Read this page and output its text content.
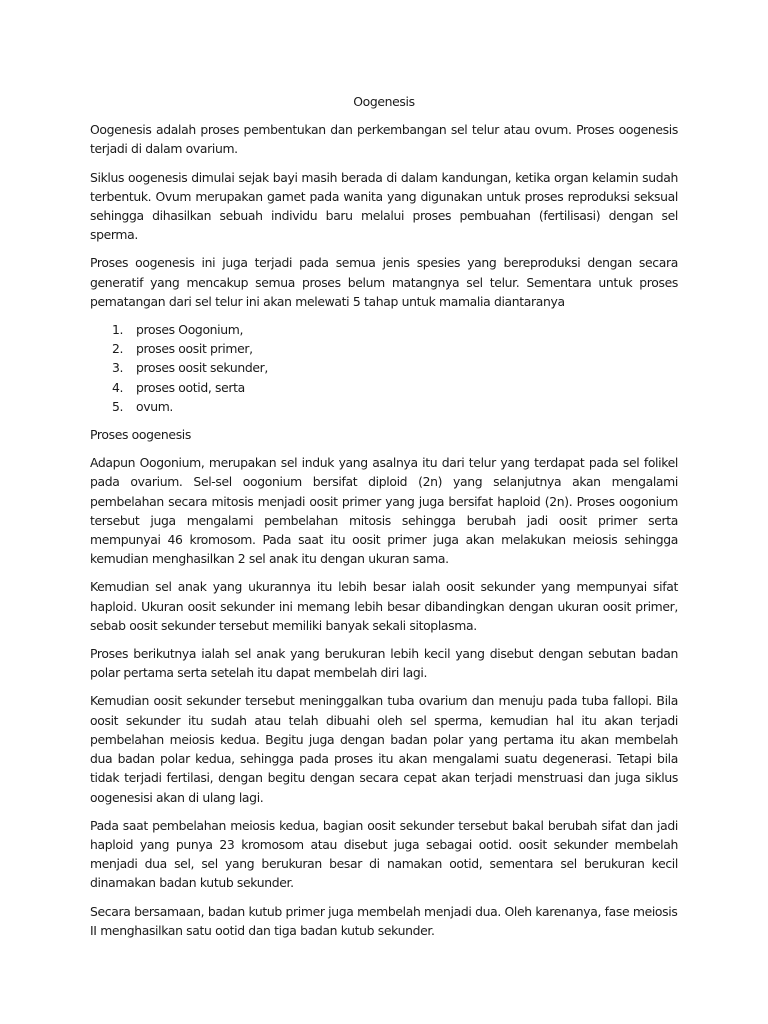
Oogenesis

Oogenesis adalah proses pembentukan dan perkembangan sel telur atau ovum. Proses oogenesis terjadi di dalam ovarium.

Siklus oogenesis dimulai sejak bayi masih berada di dalam kandungan, ketika organ kelamin sudah terbentuk. Ovum merupakan gamet pada wanita yang digunakan untuk proses reproduksi seksual sehingga dihasilkan sebuah individu baru melalui proses pembuahan (fertilisasi) dengan sel sperma.

Proses oogenesis ini juga terjadi pada semua jenis spesies yang bereproduksi dengan secara generatif yang mencakup semua proses belum matangnya sel telur. Sementara untuk proses pematangan dari sel telur ini akan melewati 5 tahap untuk mamalia diantaranya

1. proses Oogonium,
2. proses oosit primer,
3. proses oosit sekunder,
4. proses ootid, serta
5. ovum.

Proses oogenesis

Adapun Oogonium, merupakan sel induk yang asalnya itu dari telur yang terdapat pada sel folikel pada ovarium. Sel-sel oogonium bersifat diploid (2n) yang selanjutnya akan mengalami pembelahan secara mitosis menjadi oosit primer yang juga bersifat haploid (2n). Proses oogonium tersebut juga mengalami pembelahan mitosis sehingga berubah jadi oosit primer serta mempunyai 46 kromosom. Pada saat itu oosit primer juga akan melakukan meiosis sehingga kemudian menghasilkan 2 sel anak itu dengan ukuran sama.

Kemudian sel anak yang ukurannya itu lebih besar ialah oosit sekunder yang mempunyai sifat haploid. Ukuran oosit sekunder ini memang lebih besar dibandingkan dengan ukuran oosit primer, sebab oosit sekunder tersebut memiliki banyak sekali sitoplasma.

Proses berikutnya ialah sel anak yang berukuran lebih kecil yang disebut dengan sebutan badan polar pertama serta setelah itu dapat membelah diri lagi.

Kemudian oosit sekunder tersebut meninggalkan tuba ovarium dan menuju pada tuba fallopi. Bila oosit sekunder itu sudah atau telah dibuahi oleh sel sperma, kemudian hal itu akan terjadi pembelahan meiosis kedua. Begitu juga dengan badan polar yang pertama itu akan membelah dua badan polar kedua, sehingga pada proses itu akan mengalami suatu degenerasi. Tetapi bila tidak terjadi fertilasi, dengan begitu dengan secara cepat akan terjadi menstruasi dan juga siklus oogenesisi akan di ulang lagi.

Pada saat pembelahan meiosis kedua, bagian oosit sekunder tersebut bakal berubah sifat dan jadi haploid yang punya 23 kromosom atau disebut juga sebagai ootid. oosit sekunder membelah menjadi dua sel, sel yang berukuran besar di namakan ootid, sementara sel berukuran kecil dinamakan badan kutub sekunder.

Secara bersamaan, badan kutub primer juga membelah menjadi dua. Oleh karenanya, fase meiosis II menghasilkan satu ootid dan tiga badan kutub sekunder.
